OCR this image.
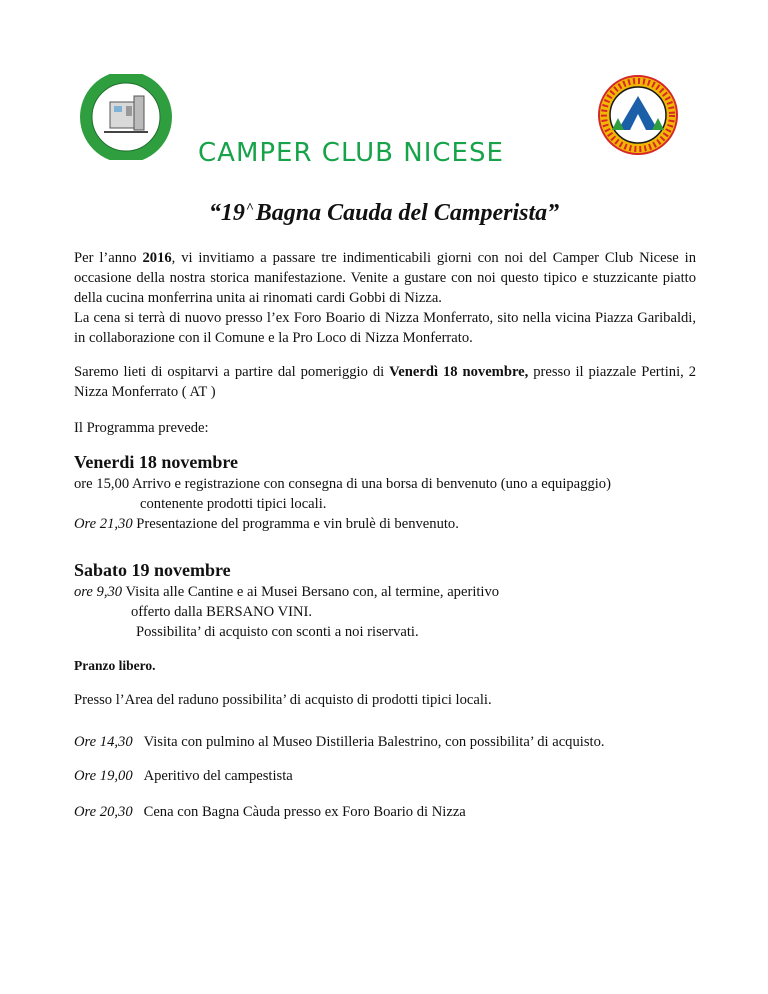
CAMPER CLUB NICESE
“19^Bagna Cauda del Camperista”
Per l’anno 2016, vi invitiamo a passare tre indimenticabili giorni con noi del Camper Club Nicese in occasione della nostra storica manifestazione. Venite a gustare con noi questo tipico e stuzzicante piatto della cucina monferrina unita ai rinomati cardi Gobbi di Nizza.
La cena si terrà di nuovo presso l’ex Foro Boario di Nizza Monferrato, sito nella vicina Piazza Garibaldi, in collaborazione con il Comune e la Pro Loco di Nizza Monferrato.
Saremo lieti di ospitarvi a partire dal pomeriggio di Venerdì 18 novembre, presso il piazzale Pertini, 2 Nizza Monferrato ( AT )
Il Programma prevede:
Venerdi 18 novembre
ore 15,00 Arrivo e registrazione con consegna di una borsa di benvenuto (uno a equipaggio)
contenente prodotti tipici locali.
Ore 21,30 Presentazione del programma e vin brulè di benvenuto.
Sabato 19 novembre
ore 9,30 Visita alle Cantine e ai Musei Bersano con, al termine, aperitivo
offerto dalla BERSANO VINI.
Possibilita’ di acquisto con sconti a noi riservati.
Pranzo libero.
Presso l’Area del raduno possibilita’ di acquisto di prodotti tipici locali.
Ore 14,30 Visita con pulmino al Museo Distilleria Balestrino, con possibilita’ di acquisto.
Ore 19,00 Aperitivo del campestista
Ore 20,30 Cena con Bagna Càuda presso ex Foro Boario di Nizza
